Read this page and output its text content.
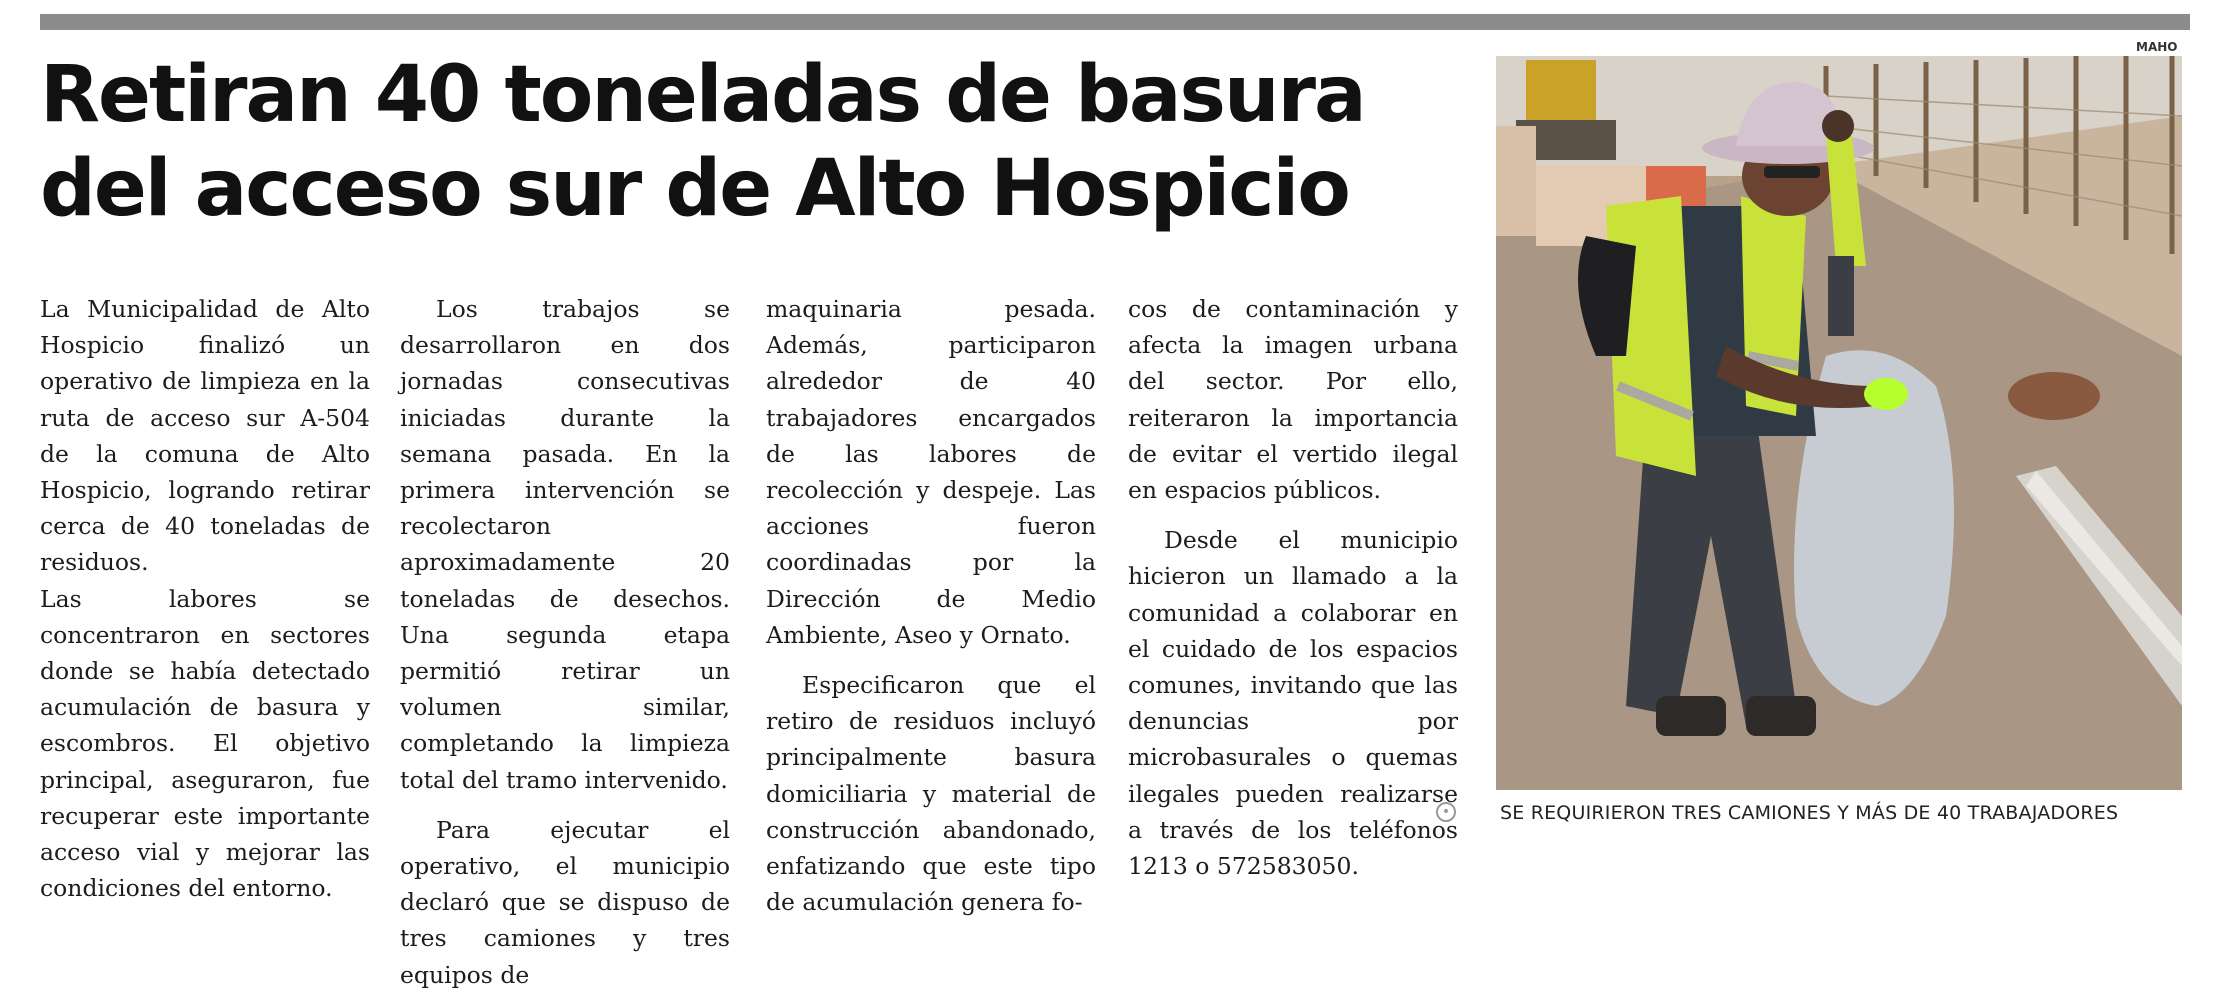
Retiran 40 toneladas de basura
del acceso sur de Alto Hospicio

La Municipalidad de Alto Hospicio finalizó un operativo de limpieza en la ruta de acceso sur A-504 de la comuna de Alto Hospicio, logrando retirar cerca de 40 toneladas de residuos.

Las labores se concentraron en sectores donde se había detectado acumulación de basura y escombros. El objetivo principal, aseguraron, fue recuperar este importante acceso vial y mejorar las condiciones del entorno.

Los trabajos se desarrollaron en dos jornadas consecutivas iniciadas durante la semana pasada. En la primera intervención se recolectaron aproximadamente 20 toneladas de desechos. Una segunda etapa permitió retirar un volumen similar, completando la limpieza total del tramo intervenido.

Para ejecutar el operativo, el municipio declaró que se dispuso de tres camiones y tres equipos de

maquinaria pesada. Además, participaron alrededor de 40 trabajadores encargados de las labores de recolección y despeje. Las acciones fueron coordinadas por la Dirección de Medio Ambiente, Aseo y Ornato.

Especificaron que el retiro de residuos incluyó principalmente basura domiciliaria y material de construcción abandonado, enfatizando que este tipo de acumulación genera fo-

cos de contaminación y afecta la imagen urbana del sector. Por ello, reiteraron la importancia de evitar el vertido ilegal en espacios públicos.

Desde el municipio hicieron un llamado a la comunidad a colaborar en el cuidado de los espacios comunes, invitando que las denuncias por microbasurales o quemas ilegales pueden realizarse a través de los teléfonos 1213 o 572583050.

•
MAHO
SE REQUIRIERON TRES CAMIONES Y MÁS DE 40 TRABAJADORES
